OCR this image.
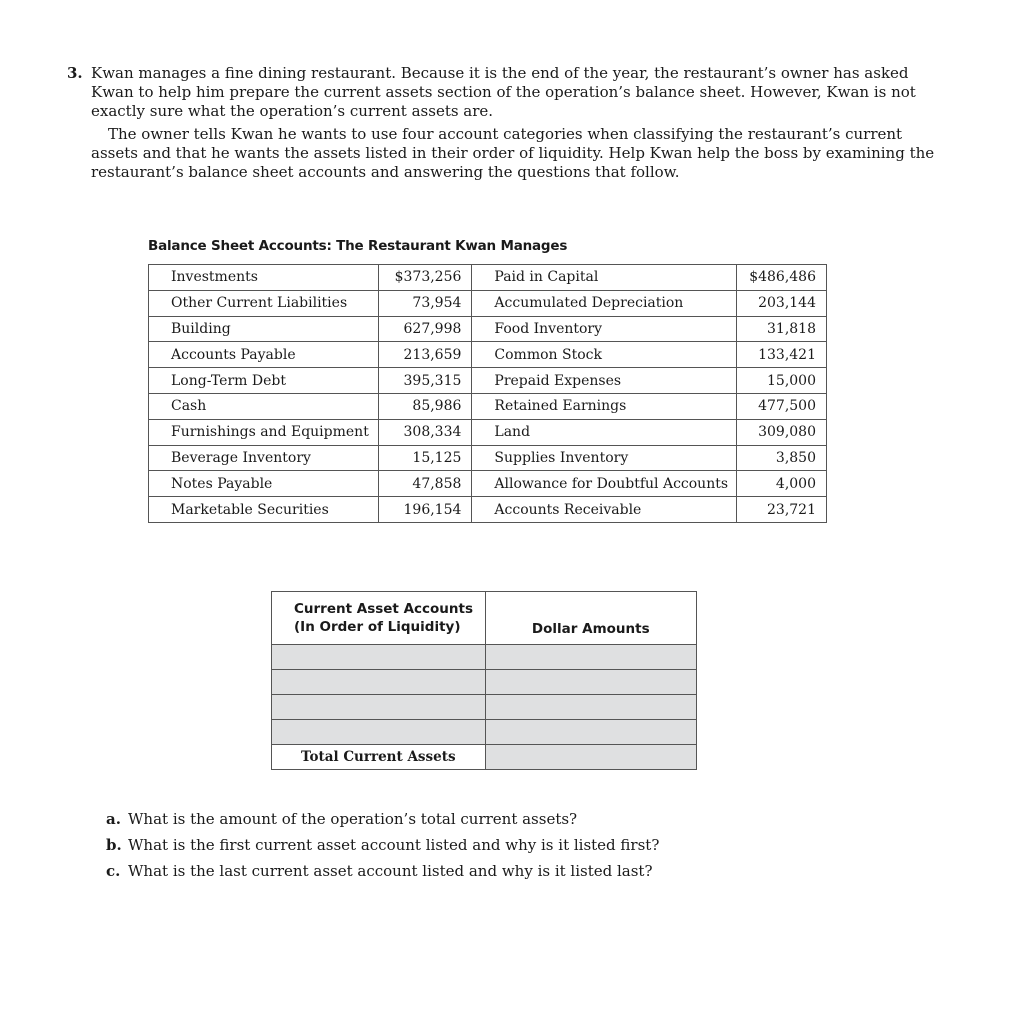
3. Kwan manages a fine dining restaurant. Because it is the end of the year, the restaurant’s owner has asked Kwan to help him prepare the current assets section of the operation’s balance sheet. However, Kwan is not exactly sure what the operation’s current assets are.

The owner tells Kwan he wants to use four account categories when classifying the restaurant’s current assets and that he wants the assets listed in their order of liquidity. Help Kwan help the boss by examining the restaurant’s balance sheet accounts and answering the questions that follow.

Balance Sheet Accounts: The Restaurant Kwan Manages
Investments	$373,256	Paid in Capital	$486,486
Other Current Liabilities	73,954	Accumulated Depreciation	203,144
Building	627,998	Food Inventory	31,818
Accounts Payable	213,659	Common Stock	133,421
Long-Term Debt	395,315	Prepaid Expenses	15,000
Cash	85,986	Retained Earnings	477,500
Furnishings and Equipment	308,334	Land	309,080
Beverage Inventory	15,125	Supplies Inventory	3,850
Notes Payable	47,858	Allowance for Doubtful Accounts	4,000
Marketable Securities	196,154	Accounts Receivable	23,721
Current Asset Accounts
(In Order of Liquidity)	Dollar Amounts

Total Current Assets	
a. What is the amount of the operation’s total current assets?
b. What is the first current asset account listed and why is it listed first?
c. What is the last current asset account listed and why is it listed last?
